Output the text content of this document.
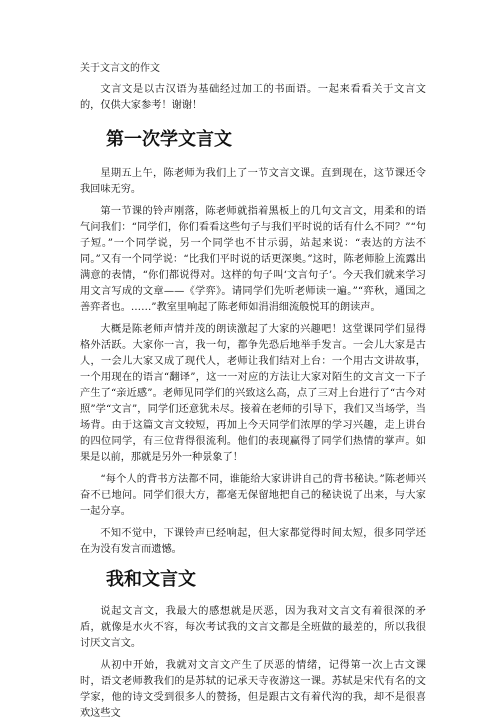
关于文言文的作文

文言文是以古汉语为基础经过加工的书面语。一起来看看关于文言文的，仅供大家参考！谢谢！

第一次学文言文

星期五上午，陈老师为我们上了一节文言文课。直到现在，这节课还令我回味无穷。

第一节课的铃声刚落，陈老师就指着黑板上的几句文言文，用柔和的语气问我们：“同学们，你们看看这些句子与我们平时说的话有什么不同？”“句子短。”一个同学说，另一个同学也不甘示弱，站起来说：“表达的方法不同。”又有一个同学说：“比我们平时说的话更深奥。”这时，陈老师脸上流露出满意的表情，“你们都说得对。这样的句子叫‘文言句子’。今天我们就来学习用文言写成的文章——《学弈》。请同学们先听老师读一遍。”“弈秋，通国之善弈者也。……”教室里响起了陈老师如涓涓细流般悦耳的朗读声。

大概是陈老师声情并茂的朗读激起了大家的兴趣吧！这堂课同学们显得格外活跃。大家你一言，我一句，都争先恐后地举手发言。一会儿大家是古人，一会儿大家又成了现代人，老师让我们结对上台：一个用古文讲故事，一个用现在的语言“翻译”，这一一对应的方法让大家对陌生的文言文一下子产生了“亲近感”。老师见同学们的兴致这么高，点了三对上台进行了“古今对照”学“文言”，同学们还意犹未尽。接着在老师的引导下，我们又当场学，当场背。由于这篇文言文较短，再加上今天同学们浓厚的学习兴趣，走上讲台的四位同学，有三位背得很流利。他们的表现赢得了同学们热情的掌声。如果是以前，那就是另外一种景象了！

“每个人的背书方法都不同，谁能给大家讲讲自己的背书秘诀。”陈老师兴奋不已地问。同学们很大方，都毫无保留地把自己的秘诀说了出来，与大家一起分享。

不知不觉中，下课铃声已经响起，但大家都觉得时间太短，很多同学还在为没有发言而遗憾。

我和文言文

说起文言文，我最大的感想就是厌恶，因为我对文言文有着很深的矛盾，就像是水火不容，每次考试我的文言文都是全班做的最差的，所以我很讨厌文言文。

从初中开始，我就对文言文产生了厌恶的情绪，记得第一次上古文课时，语文老师教我们的是苏轼的记承天寺夜游这一课。苏轼是宋代有名的文学家，他的诗文受到很多人的赞扬，但是跟古文有着代沟的我，却不是很喜欢这些文
